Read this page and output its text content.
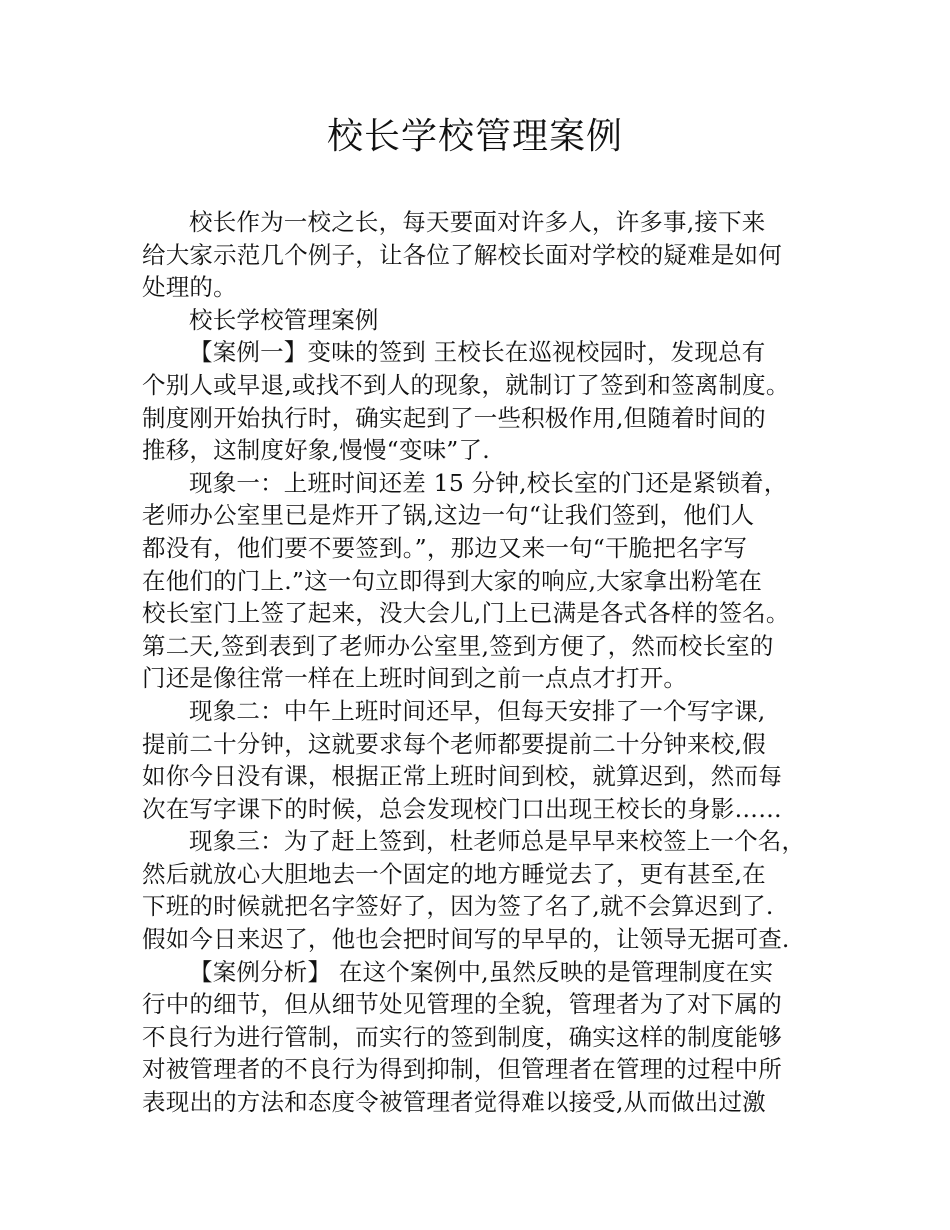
校长学校管理案例
校长作为一校之长，每天要面对许多人，许多事,接下来
给大家示范几个例子，让各位了解校长面对学校的疑难是如何
处理的。
校长学校管理案例
【案例一】变味的签到 王校长在巡视校园时，发现总有
个别人或早退,或找不到人的现象，就制订了签到和签离制度。
制度刚开始执行时，确实起到了一些积极作用,但随着时间的
推移，这制度好象,慢慢“变味”了.
现象一：上班时间还差 15 分钟,校长室的门还是紧锁着，
老师办公室里已是炸开了锅,这边一句“让我们签到，他们人
都没有，他们要不要签到。”，那边又来一句“干脆把名字写
在他们的门上.”这一句立即得到大家的响应,大家拿出粉笔在
校长室门上签了起来，没大会儿,门上已满是各式各样的签名。
第二天,签到表到了老师办公室里,签到方便了，然而校长室的
门还是像往常一样在上班时间到之前一点点才打开。
现象二：中午上班时间还早，但每天安排了一个写字课,
提前二十分钟，这就要求每个老师都要提前二十分钟来校,假
如你今日没有课，根据正常上班时间到校，就算迟到，然而每
次在写字课下的时候，总会发现校门口出现王校长的身影……
现象三：为了赶上签到，杜老师总是早早来校签上一个名，
然后就放心大胆地去一个固定的地方睡觉去了，更有甚至,在
下班的时候就把名字签好了，因为签了名了,就不会算迟到了.
假如今日来迟了，他也会把时间写的早早的，让领导无据可查.
【案例分析】 在这个案例中,虽然反映的是管理制度在实
行中的细节，但从细节处见管理的全貌，管理者为了对下属的
不良行为进行管制，而实行的签到制度，确实这样的制度能够
对被管理者的不良行为得到抑制，但管理者在管理的过程中所
表现出的方法和态度令被管理者觉得难以接受,从而做出过激
